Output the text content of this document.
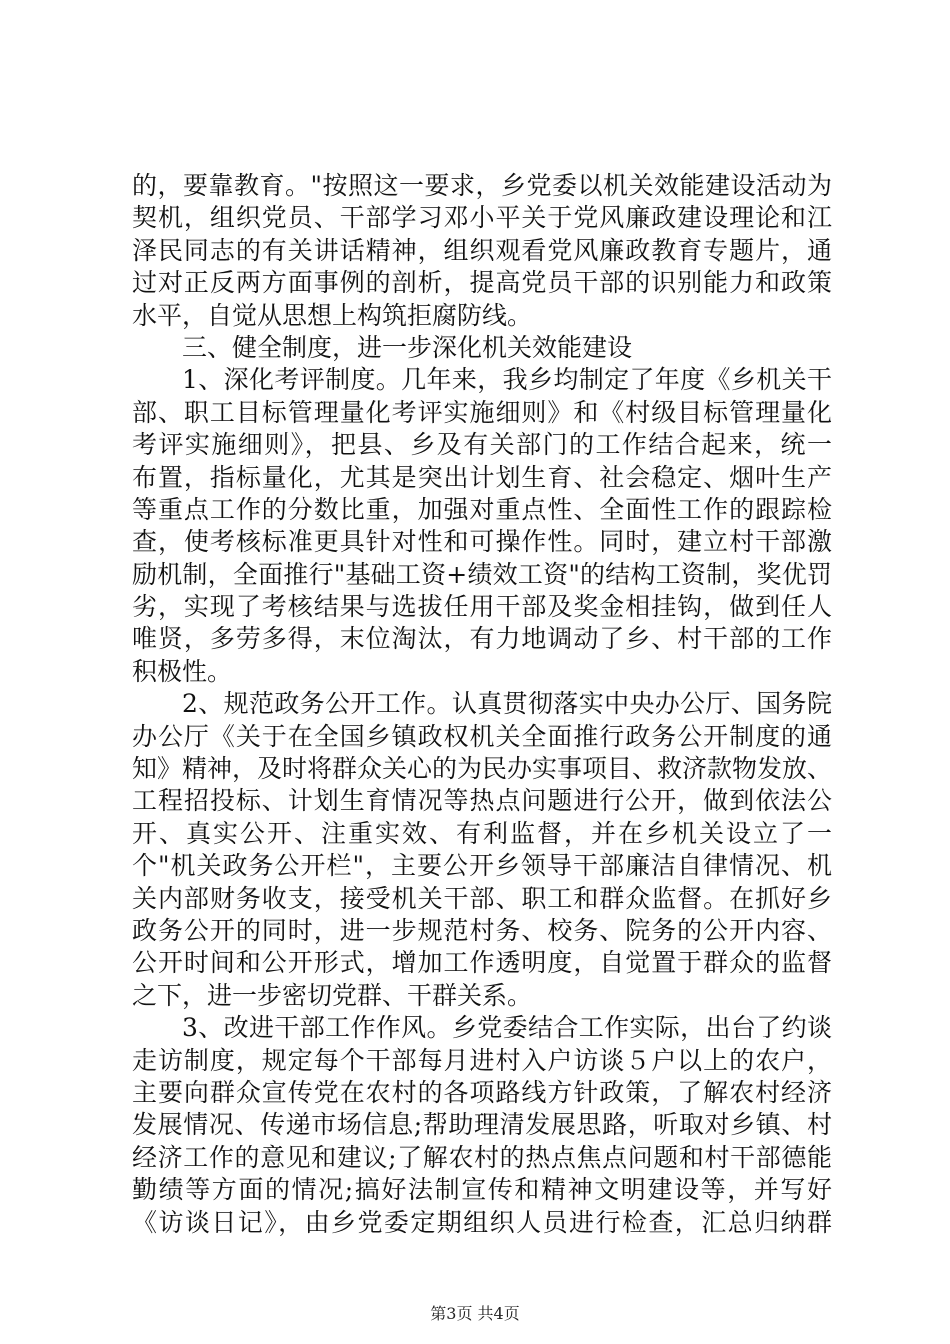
的，要靠教育。"按照这一要求，乡党委以机关效能建设活动为
契机，组织党员、干部学习邓小平关于党风廉政建设理论和江
泽民同志的有关讲话精神，组织观看党风廉政教育专题片，通
过对正反两方面事例的剖析，提高党员干部的识别能力和政策
水平，自觉从思想上构筑拒腐防线。
三、健全制度，进一步深化机关效能建设
1、深化考评制度。几年来，我乡均制定了年度《乡机关干
部、职工目标管理量化考评实施细则》和《村级目标管理量化
考评实施细则》，把县、乡及有关部门的工作结合起来，统一
布置，指标量化，尤其是突出计划生育、社会稳定、烟叶生产
等重点工作的分数比重，加强对重点性、全面性工作的跟踪检
查，使考核标准更具针对性和可操作性。同时，建立村干部激
励机制，全面推行"基础工资+绩效工资"的结构工资制，奖优罚
劣，实现了考核结果与选拔任用干部及奖金相挂钩，做到任人
唯贤，多劳多得，末位淘汰，有力地调动了乡、村干部的工作
积极性。
2、规范政务公开工作。认真贯彻落实中央办公厅、国务院
办公厅《关于在全国乡镇政权机关全面推行政务公开制度的通
知》精神，及时将群众关心的为民办实事项目、救济款物发放、
工程招投标、计划生育情况等热点问题进行公开，做到依法公
开、真实公开、注重实效、有利监督，并在乡机关设立了一
个"机关政务公开栏"，主要公开乡领导干部廉洁自律情况、机
关内部财务收支，接受机关干部、职工和群众监督。在抓好乡
政务公开的同时，进一步规范村务、校务、院务的公开内容、
公开时间和公开形式，增加工作透明度，自觉置于群众的监督
之下，进一步密切党群、干群关系。
3、改进干部工作作风。乡党委结合工作实际，出台了约谈
走访制度，规定每个干部每月进村入户访谈５户以上的农户，
主要向群众宣传党在农村的各项路线方针政策，了解农村经济
发展情况、传递市场信息;帮助理清发展思路，听取对乡镇、村
经济工作的意见和建议;了解农村的热点焦点问题和村干部德能
勤绩等方面的情况;搞好法制宣传和精神文明建设等，并写好
《访谈日记》，由乡党委定期组织人员进行检查，汇总归纳群
第3页 共4页
